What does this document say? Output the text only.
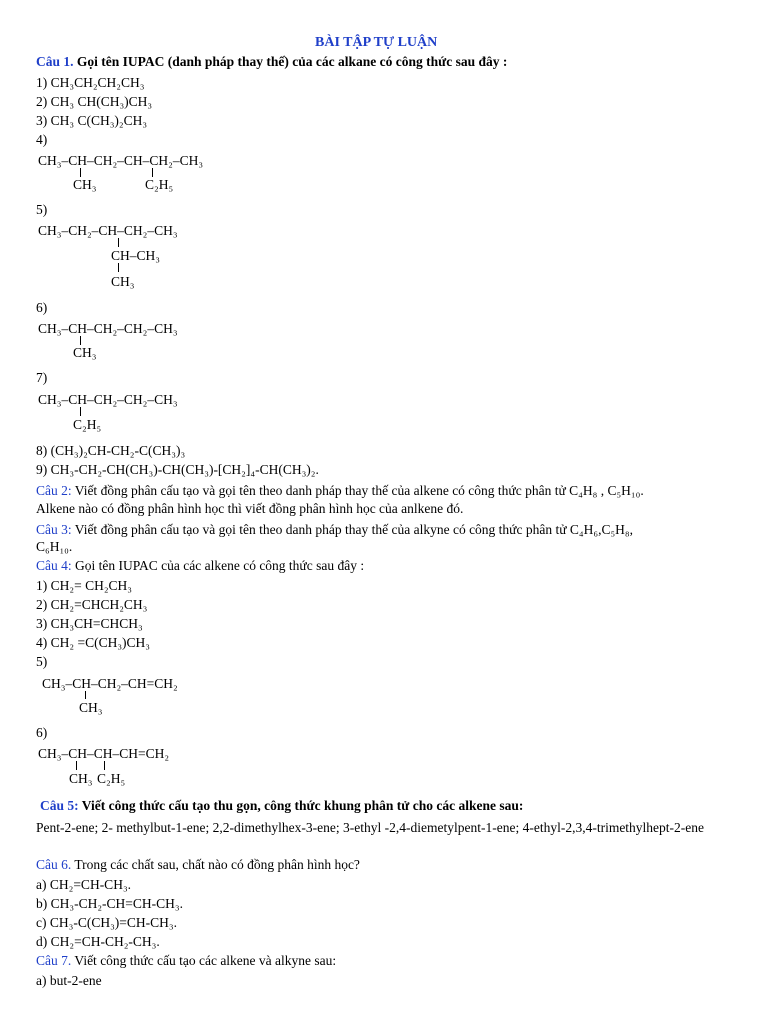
BÀI TẬP TỰ LUẬN
Câu 1. Gọi tên IUPAC (danh pháp thay thế) của các alkane có công thức sau đây :
1) CH₃CH₂CH₂CH₃
2) CH₃ CH(CH₃)CH₃
3) CH₃ C(CH₃)₂CH₃
4)
CH₃–CH–CH₂–CH–CH₂–CH₃
CH₃	C₂H₅
5)
CH₃–CH₂–CH–CH₂–CH₃
CH–CH₃
CH₃
6)
CH₃–CH–CH₂–CH₂–CH₃
CH₃
7)
CH₃–CH–CH₂–CH₂–CH₃
C₂H₅
8) (CH₃)₂CH-CH₂-C(CH₃)₃
9) CH₃-CH₂-CH(CH₃)-CH(CH₃)-[CH₂]₄-CH(CH₃)₂.
Câu 2: Viết đồng phân cấu tạo và gọi tên theo danh pháp thay thế của alkene có công thức phân tử C₄H₈ , C₅H₁₀.
Alkene nào có đồng phân hình học thì viết đồng phân hình học của anlkene đó.
Câu 3: Viết đồng phân cấu tạo và gọi tên theo danh pháp thay thế của alkyne có công thức phân tử C₄H₆,C₅H₈,
C₆H₁₀.
Câu 4: Gọi tên IUPAC của các alkene có công thức sau đây :
1) CH₂= CH₂CH₃
2) CH₂=CHCH₂CH₃
3) CH₃CH=CHCH₃
4) CH₂ =C(CH₃)CH₃
5)
CH₃–CH–CH₂–CH=CH₂
CH₃
6)
CH₃–CH–CH–CH=CH₂
CH₃ C₂H₅
Câu 5: Viết công thức cấu tạo thu gọn, công thức khung phân tử cho các alkene sau:
Pent-2-ene; 2- methylbut-1-ene; 2,2-dimethylhex-3-ene; 3-ethyl -2,4-diemetylpent-1-ene; 4-ethyl-2,3,4-trimethylhept-2-ene
Câu 6. Trong các chất sau, chất nào có đồng phân hình học?
a) CH₂=CH-CH₃.
b) CH₃-CH₂-CH=CH-CH₃.
c) CH₃-C(CH₃)=CH-CH₃.
d) CH₂=CH-CH₂-CH₃.
Câu 7. Viết công thức cấu tạo các alkene và alkyne sau:
a) but-2-ene
